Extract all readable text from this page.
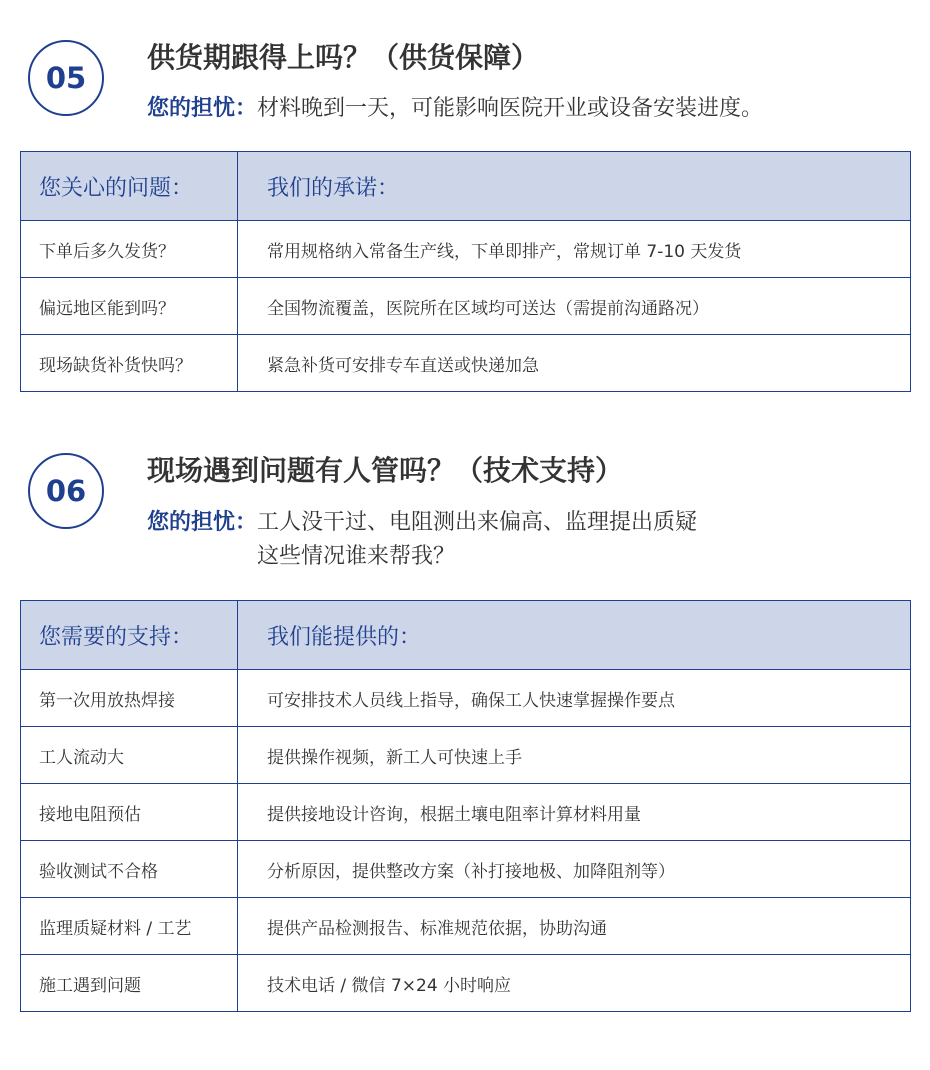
05
供货期跟得上吗？（供货保障）
您的担忧： 材料晚到一天，可能影响医院开业或设备安装进度。
您关心的问题：	我们的承诺：
下单后多久发货？	常用规格纳入常备生产线，下单即排产，常规订单 7-10 天发货
偏远地区能到吗？	全国物流覆盖，医院所在区域均可送达（需提前沟通路况）
现场缺货补货快吗？	紧急补货可安排专车直送或快递加急
06
现场遇到问题有人管吗？（技术支持）
您的担忧： 工人没干过、电阻测出来偏高、监理提出质疑
这些情况谁来帮我？
您需要的支持：	我们能提供的：
第一次用放热焊接	可安排技术人员线上指导，确保工人快速掌握操作要点
工人流动大	提供操作视频，新工人可快速上手
接地电阻预估	提供接地设计咨询，根据土壤电阻率计算材料用量
验收测试不合格	分析原因，提供整改方案（补打接地极、加降阻剂等）
监理质疑材料 / 工艺	提供产品检测报告、标准规范依据，协助沟通
施工遇到问题	技术电话 / 微信 7×24 小时响应
